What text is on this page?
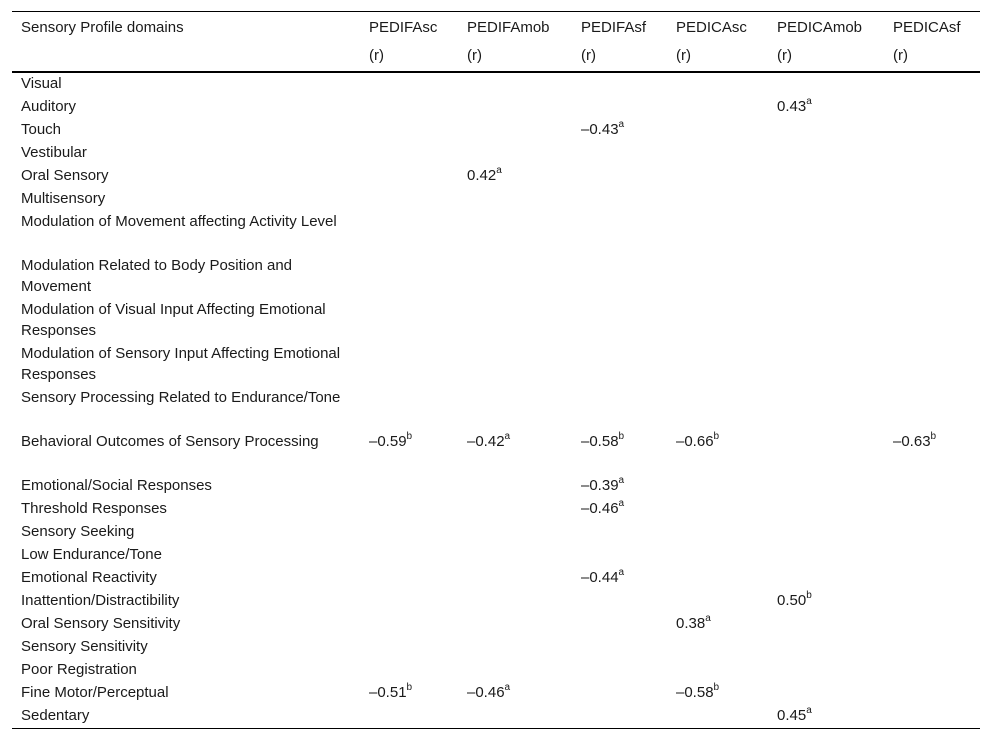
Sensory Profile domains	PEDIFAsc	PEDIFAmob	PEDIFAsf	PEDICAsc	PEDICAmob	PEDICAsf
	(r)	(r)	(r)	(r)	(r)	(r)
Visual						
Auditory					0.43$^a$	
Touch			–0.43$^a$			
Vestibular						
Oral Sensory		0.42$^a$				
Multisensory						
Modulation of Movement affecting Activity Level						
Modulation Related to Body Position and Movement						
Modulation of Visual Input Affecting Emotional Responses						
Modulation of Sensory Input Affecting Emotional Responses						
Sensory Processing Related to Endurance/Tone						
Behavioral Outcomes of Sensory Processing	–0.59$^b$	–0.42$^a$	–0.58$^b$	–0.66$^b$		–0.63$^b$
Emotional/Social Responses			–0.39$^a$			
Threshold Responses			–0.46$^a$			
Sensory Seeking						
Low Endurance/Tone						
Emotional Reactivity			–0.44$^a$			
Inattention/Distractibility					0.50$^b$	
Oral Sensory Sensitivity				0.38$^a$		
Sensory Sensitivity						
Poor Registration						
Fine Motor/Perceptual	–0.51$^b$	–0.46$^a$		–0.58$^b$		
Sedentary					0.45$^a$	
